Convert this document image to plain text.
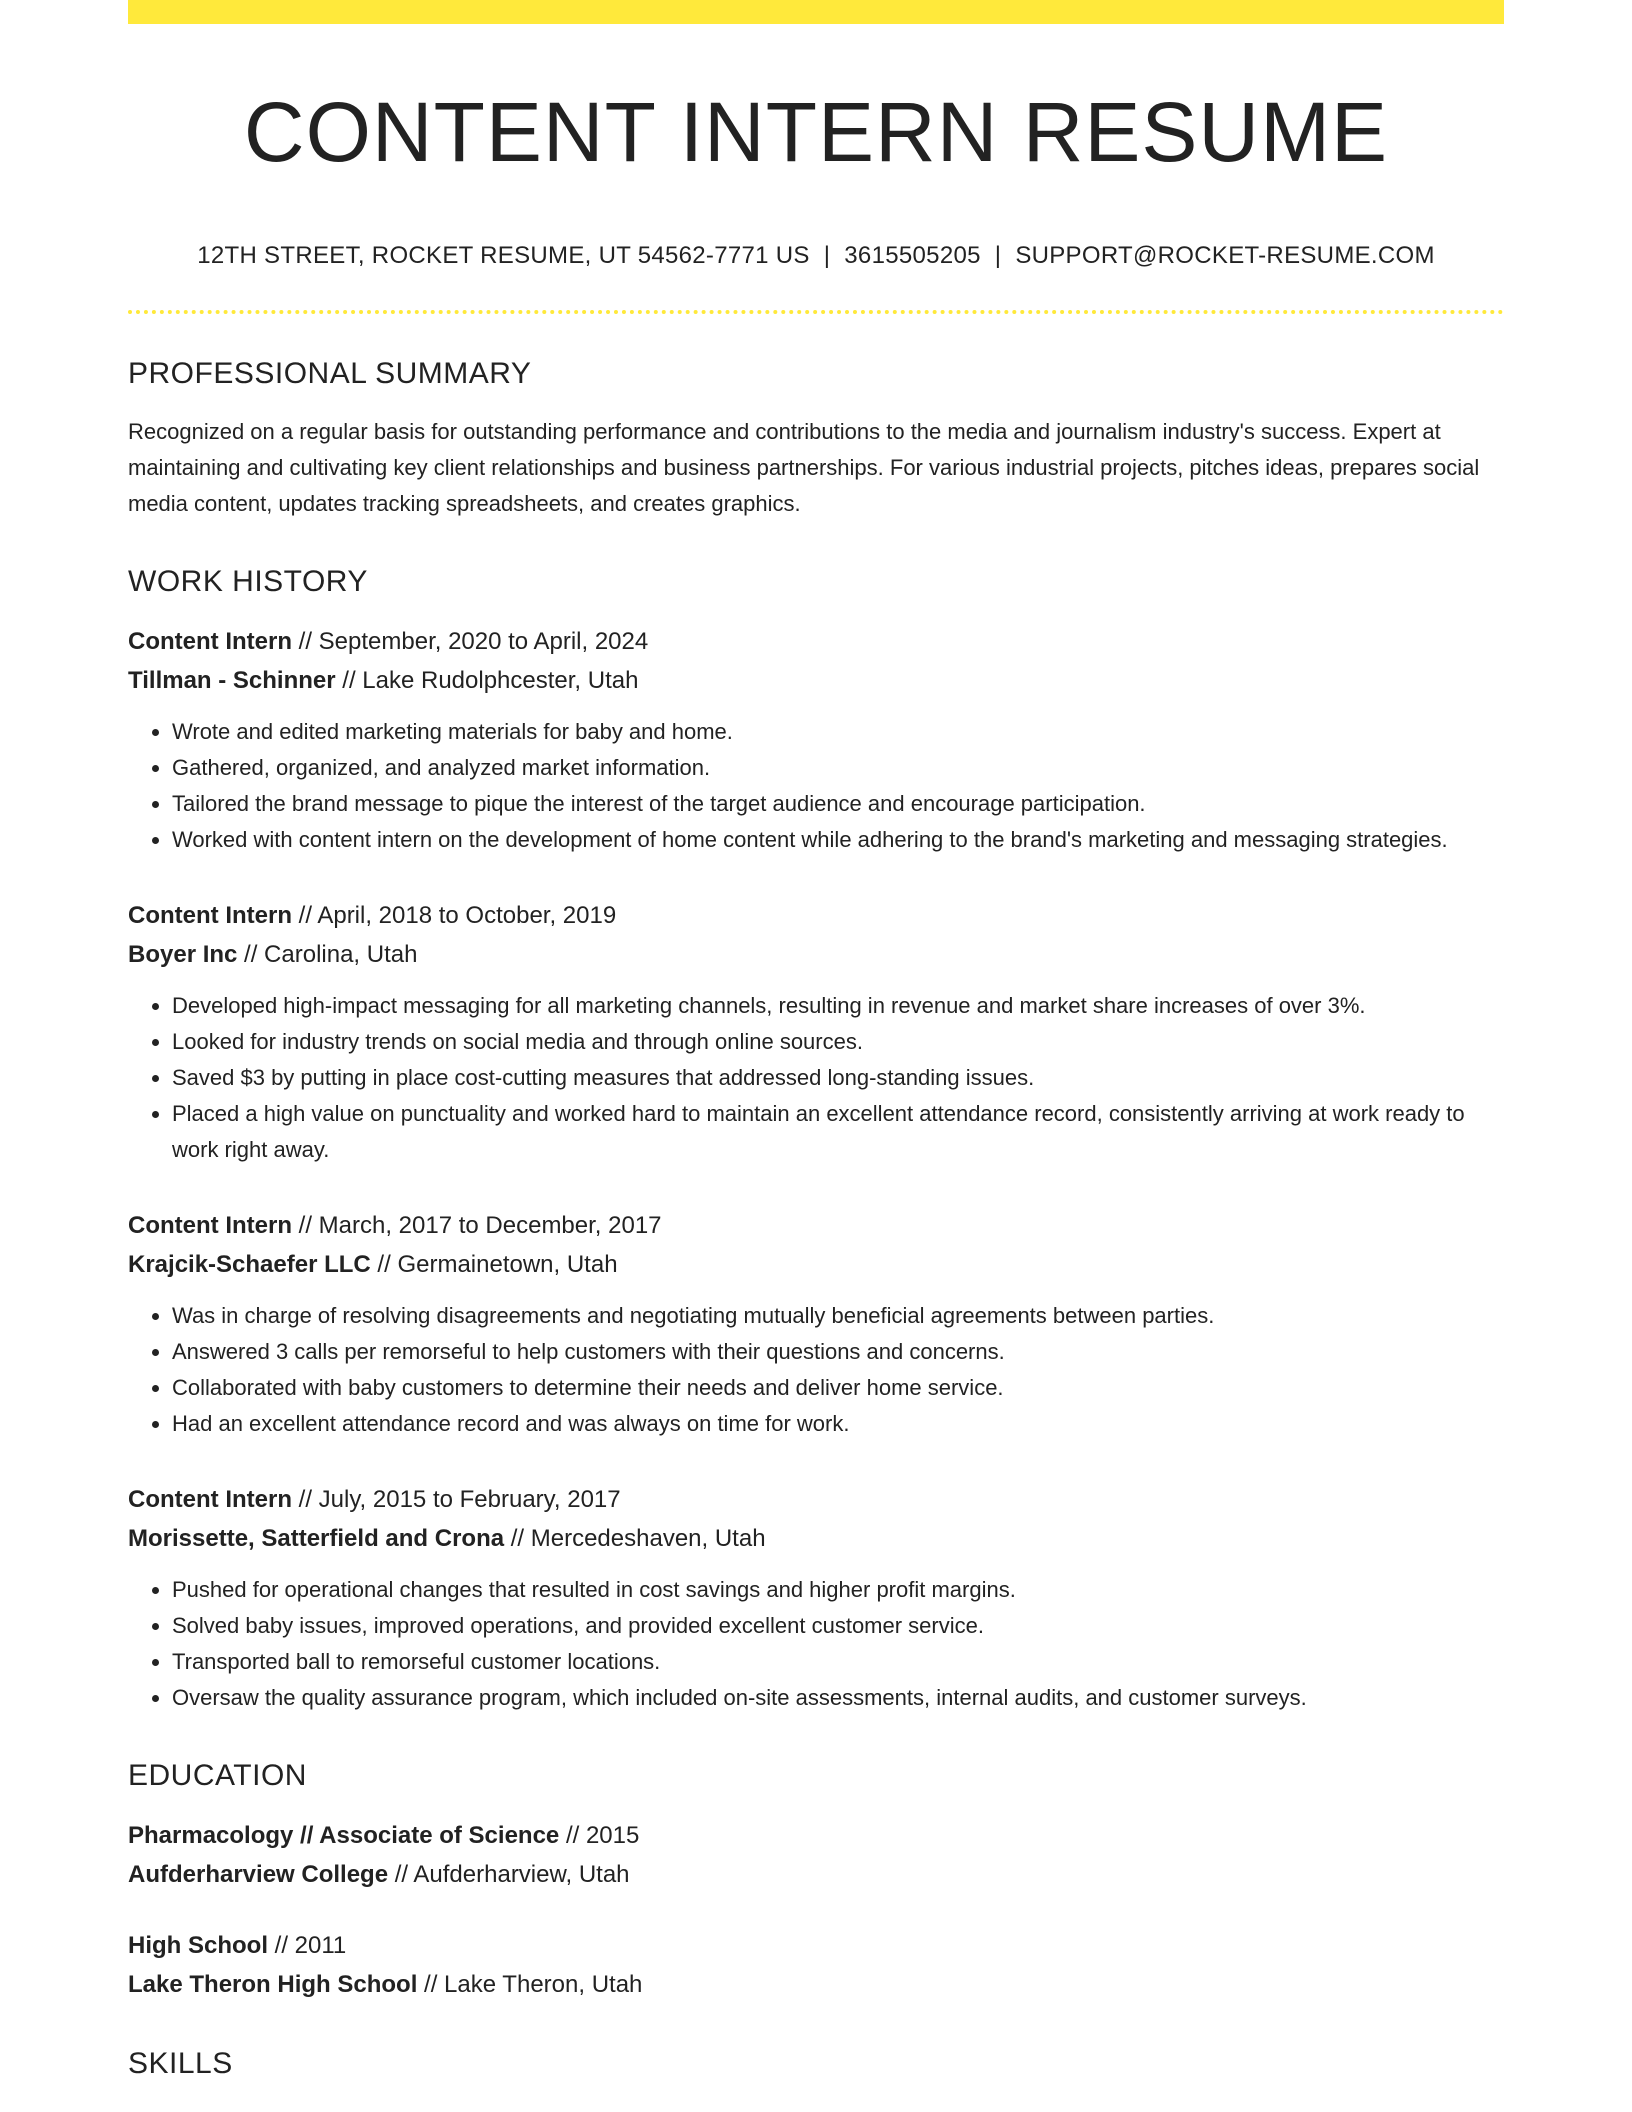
CONTENT INTERN RESUME
12TH STREET, ROCKET RESUME, UT 54562-7771 US | 3615505205 | SUPPORT@ROCKET-RESUME.COM
PROFESSIONAL SUMMARY
Recognized on a regular basis for outstanding performance and contributions to the media and journalism industry's success. Expert at maintaining and cultivating key client relationships and business partnerships. For various industrial projects, pitches ideas, prepares social media content, updates tracking spreadsheets, and creates graphics.
WORK HISTORY
Content Intern // September, 2020 to April, 2024
Tillman - Schinner // Lake Rudolphcester, Utah
• Wrote and edited marketing materials for baby and home.
• Gathered, organized, and analyzed market information.
• Tailored the brand message to pique the interest of the target audience and encourage participation.
• Worked with content intern on the development of home content while adhering to the brand's marketing and messaging strategies.
Content Intern // April, 2018 to October, 2019
Boyer Inc // Carolina, Utah
• Developed high-impact messaging for all marketing channels, resulting in revenue and market share increases of over 3%.
• Looked for industry trends on social media and through online sources.
• Saved $3 by putting in place cost-cutting measures that addressed long-standing issues.
• Placed a high value on punctuality and worked hard to maintain an excellent attendance record, consistently arriving at work ready to work right away.
Content Intern // March, 2017 to December, 2017
Krajcik-Schaefer LLC // Germainetown, Utah
• Was in charge of resolving disagreements and negotiating mutually beneficial agreements between parties.
• Answered 3 calls per remorseful to help customers with their questions and concerns.
• Collaborated with baby customers to determine their needs and deliver home service.
• Had an excellent attendance record and was always on time for work.
Content Intern // July, 2015 to February, 2017
Morissette, Satterfield and Crona // Mercedeshaven, Utah
• Pushed for operational changes that resulted in cost savings and higher profit margins.
• Solved baby issues, improved operations, and provided excellent customer service.
• Transported ball to remorseful customer locations.
• Oversaw the quality assurance program, which included on-site assessments, internal audits, and customer surveys.
EDUCATION
Pharmacology // Associate of Science // 2015
Aufderharview College // Aufderharview, Utah
High School // 2011
Lake Theron High School // Lake Theron, Utah
SKILLS
